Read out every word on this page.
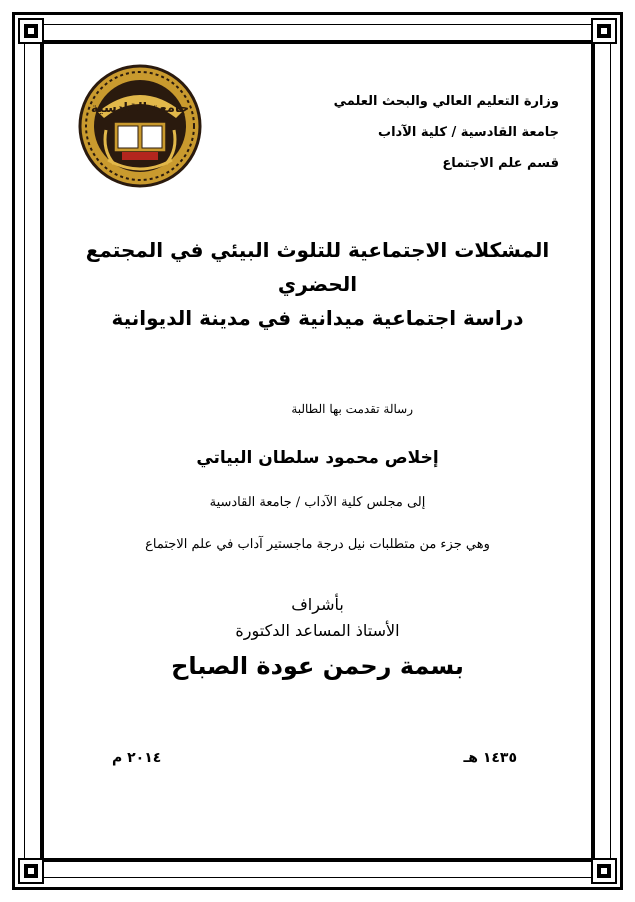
جامعة القادسية	وزارة التعليم العالي والبحث العلمي
جامعة القادسية / كلية الآداب
قسم علم الاجتماع
المشكلات الاجتماعية للتلوث البيئي في المجتمع
الحضري
دراسة اجتماعية ميدانية في مدينة الديوانية
رسالة تقدمت بها الطالبة
إخلاص محمود سلطان البياتي
إلى مجلس كلية الآداب / جامعة القادسية
وهي جزء من متطلبات نيل درجة ماجستير آداب في علم الاجتماع
بأشراف
الأستاذ المساعد الدكتورة
بسمة رحمن عودة الصباح
١٤٣٥ هـ
٢٠١٤ م
